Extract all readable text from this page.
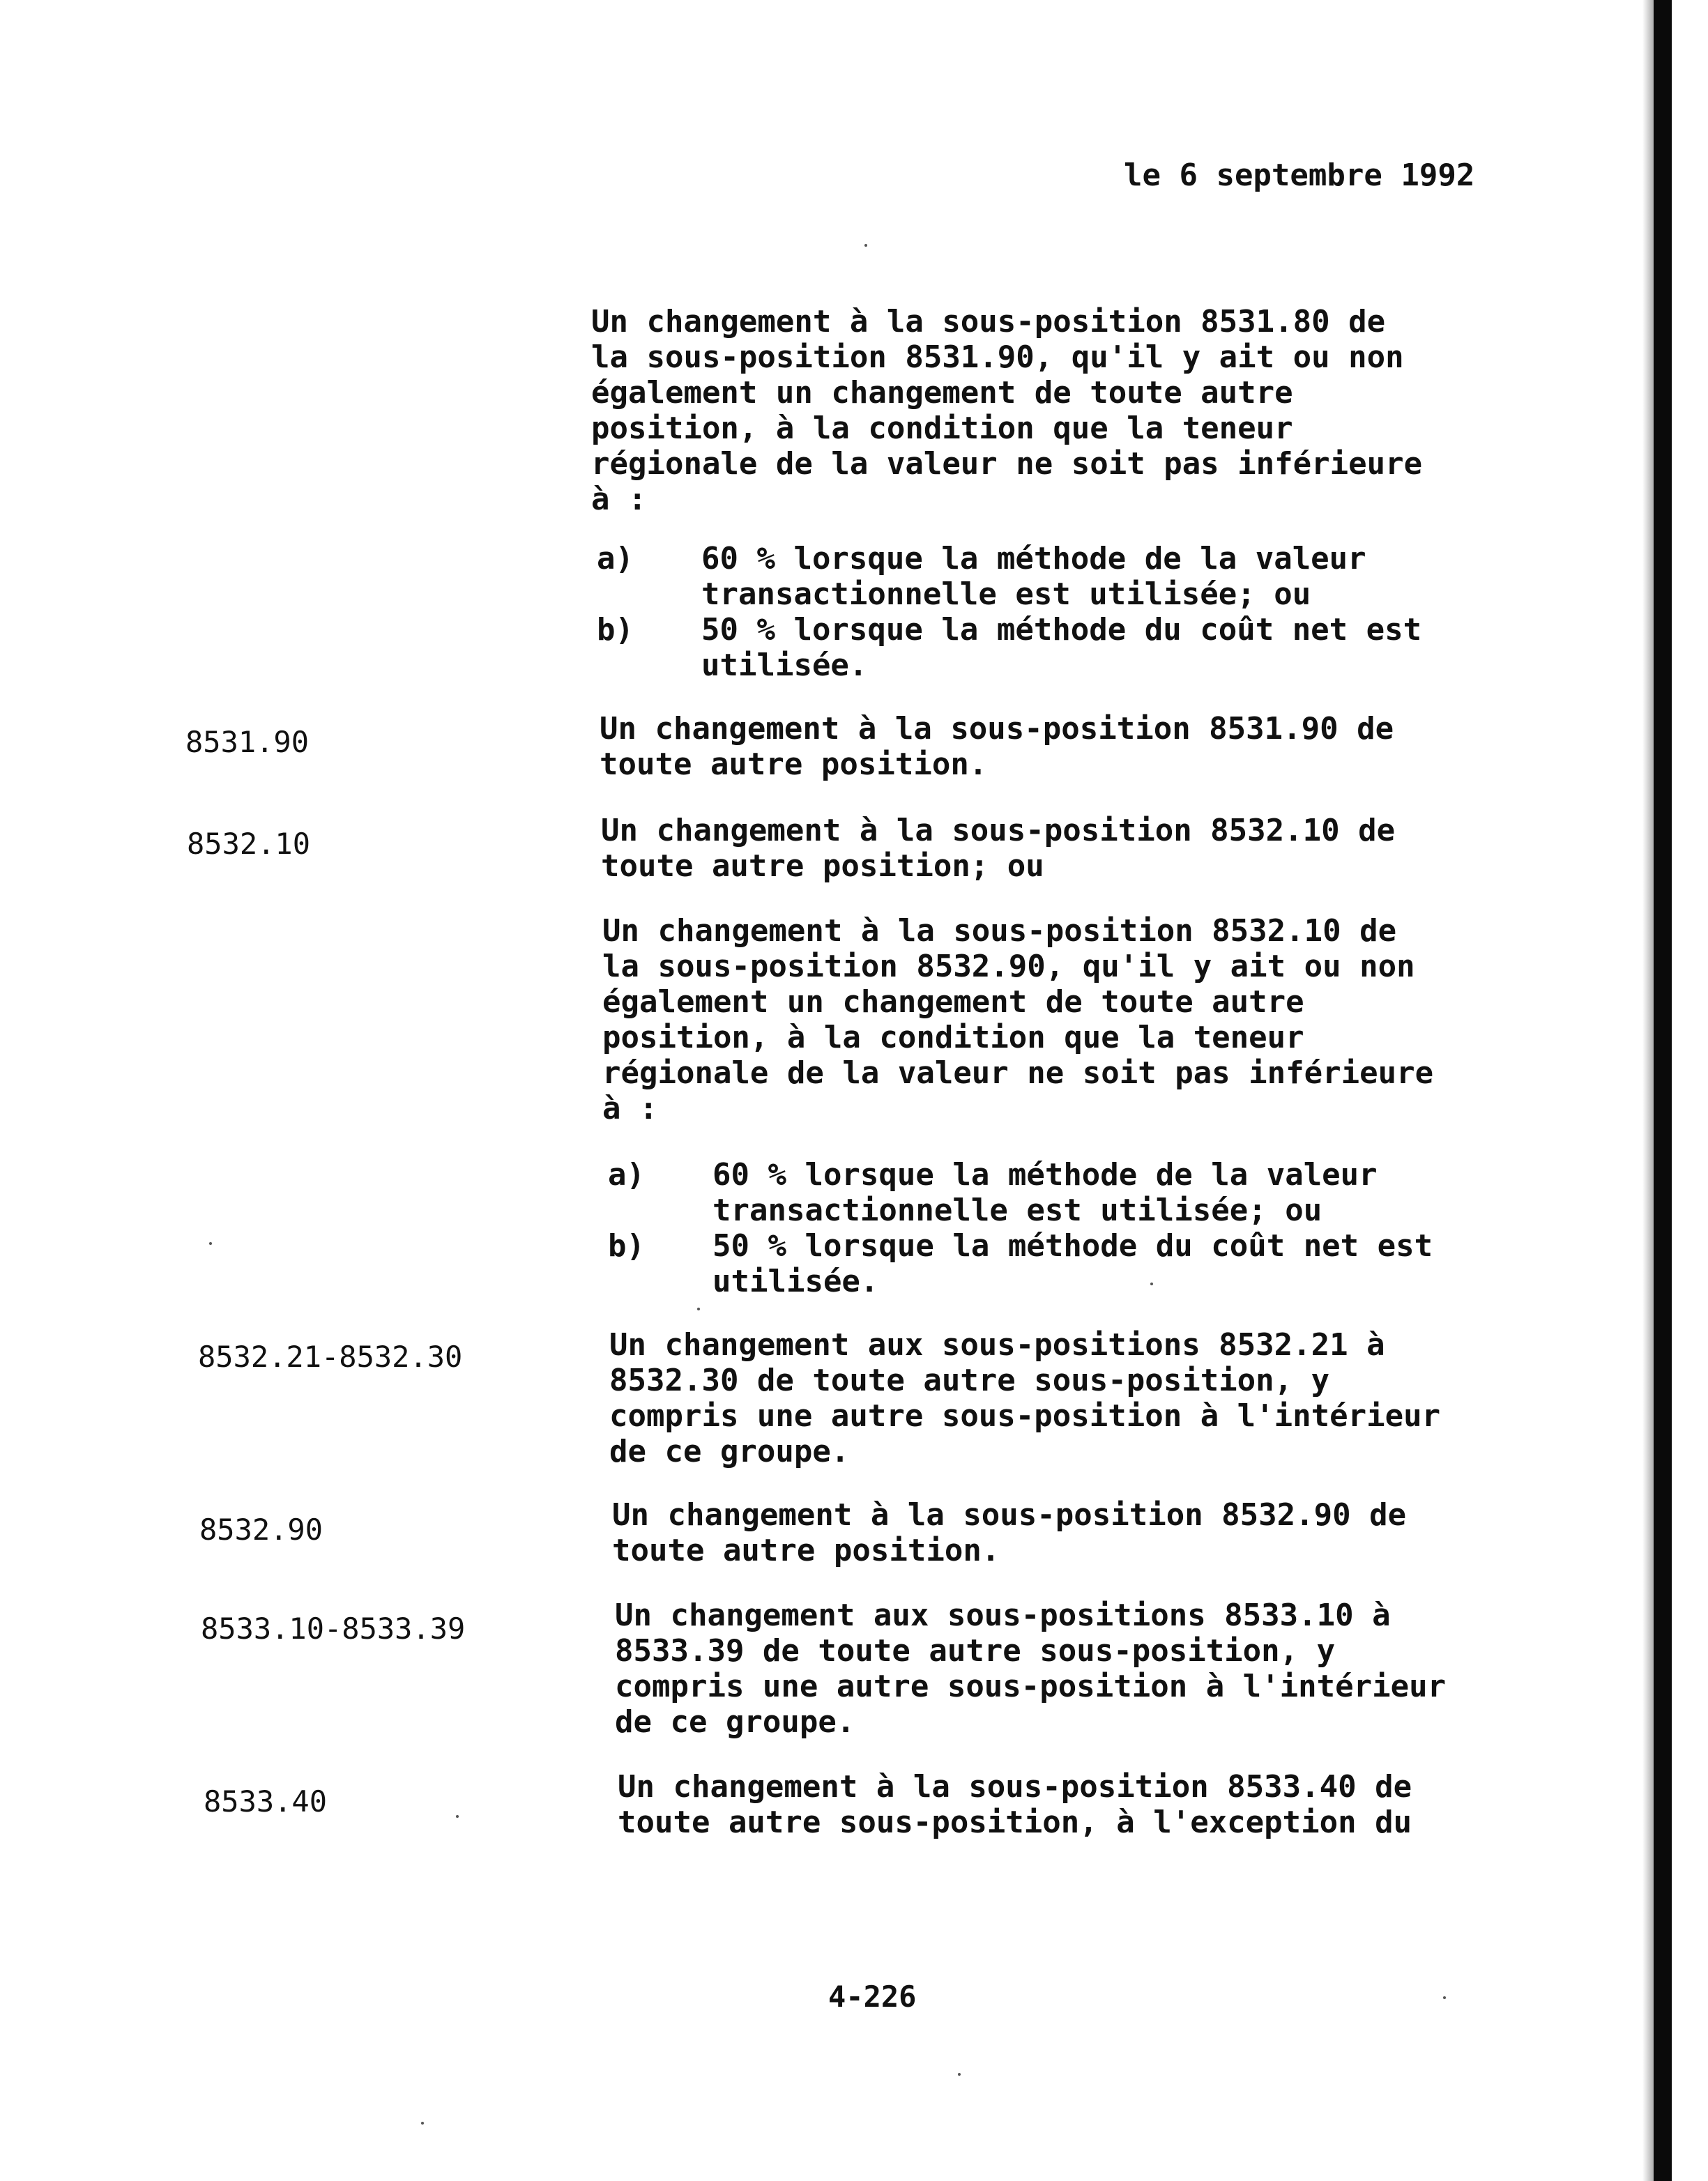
le 6 septembre 1992
Un changement à la sous-position 8531.80 de
la sous-position 8531.90, qu'il y ait ou non
également un changement de toute autre
position, à la condition que la teneur
régionale de la valeur ne soit pas inférieure
à :

a)

60 % lorsque la méthode de la valeur
transactionnelle est utilisée; ou

b)

50 % lorsque la méthode du coût net est
utilisée.

8531.90	Un changement à la sous-position 8531.90 de
toute autre position.
8532.10	Un changement à la sous-position 8532.10 de
toute autre position; ou
Un changement à la sous-position 8532.10 de
la sous-position 8532.90, qu'il y ait ou non
également un changement de toute autre
position, à la condition que la teneur
régionale de la valeur ne soit pas inférieure
à :

a)

60 % lorsque la méthode de la valeur
transactionnelle est utilisée; ou

b)

50 % lorsque la méthode du coût net est
utilisée.

8532.21-8532.30	Un changement aux sous-positions 8532.21 à
8532.30 de toute autre sous-position, y
compris une autre sous-position à l'intérieur
de ce groupe.
8532.90	Un changement à la sous-position 8532.90 de
toute autre position.
8533.10-8533.39	Un changement aux sous-positions 8533.10 à
8533.39 de toute autre sous-position, y
compris une autre sous-position à l'intérieur
de ce groupe.
8533.40	Un changement à la sous-position 8533.40 de
toute autre sous-position, à l'exception du
4-226
